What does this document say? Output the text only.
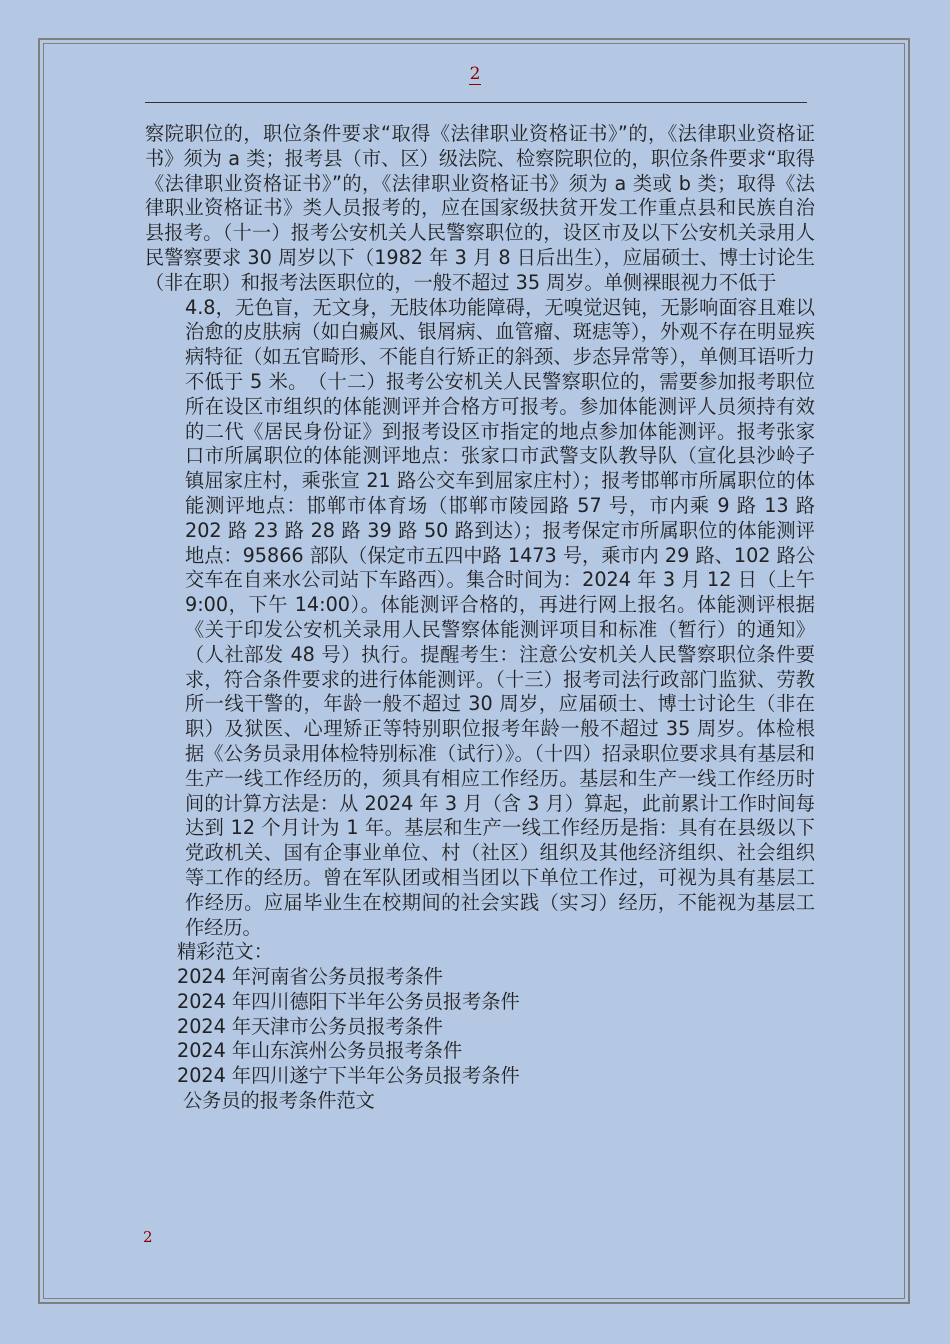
2

察院职位的，职位条件要求“取得《法律职业资格证书》”的，《法律职业资格证书》须为 a 类；报考县（市、区）级法院、检察院职位的，职位条件要求“取得《法律职业资格证书》”的，《法律职业资格证书》须为 a 类或 b 类；取得《法律职业资格证书》类人员报考的，应在国家级扶贫开发工作重点县和民族自治县报考。（十一）报考公安机关人民警察职位的，设区市及以下公安机关录用人民警察要求 30 周岁以下（1982 年 3 月 8 日后出生），应届硕士、博士讨论生（非在职）和报考法医职位的，一般不超过 35 周岁。单侧裸眼视力不低于

4.8，无色盲，无文身，无肢体功能障碍，无嗅觉迟钝，无影响面容且难以治愈的皮肤病（如白癜风、银屑病、血管瘤、斑痣等），外观不存在明显疾病特征（如五官畸形、不能自行矫正的斜颈、步态异常等），单侧耳语听力不低于 5 米。　（十二）报考公安机关人民警察职位的，需要参加报考职位所在设区市组织的体能测评并合格方可报考。参加体能测评人员须持有效的二代《居民身份证》到报考设区市指定的地点参加体能测评。报考张家口市所属职位的体能测评地点：张家口市武警支队教导队（宣化县沙岭子镇屈家庄村，乘张宣 21 路公交车到屈家庄村）；报考邯郸市所属职位的体能测评地点：邯郸市体育场（邯郸市陵园路 57 号，市内乘 9 路 13 路 202 路 23 路 28 路 39 路 50 路到达）；报考保定市所属职位的体能测评地点：95866 部队（保定市五四中路 1473 号，乘市内 29 路、102 路公交车在自来水公司站下车路西）。集合时间为：2024 年 3 月 12 日（上午 9:00，下午 14:00）。体能测评合格的，再进行网上报名。体能测评根据《关于印发公安机关录用人民警察体能测评项目和标准（暂行）的通知》（人社部发 48 号）执行。提醒考生：注意公安机关人民警察职位条件要求，符合条件要求的进行体能测评。（十三）报考司法行政部门监狱、劳教所一线干警的，年龄一般不超过 30 周岁，应届硕士、博士讨论生（非在职）及狱医、心理矫正等特别职位报考年龄一般不超过 35 周岁。体检根据《公务员录用体检特别标准（试行）》。（十四）招录职位要求具有基层和生产一线工作经历的，须具有相应工作经历。基层和生产一线工作经历时间的计算方法是：从 2024 年 3 月（含 3 月）算起，此前累计工作时间每达到 12 个月计为 1 年。基层和生产一线工作经历是指：具有在县级以下党政机关、国有企事业单位、村（社区）组织及其他经济组织、社会组织等工作的经历。曾在军队团或相当团以下单位工作过，可视为具有基层工作经历。应届毕业生在校期间的社会实践（实习）经历，不能视为基层工作经历。

精彩范文：
2024 年河南省公务员报考条件
2024 年四川德阳下半年公务员报考条件
2024 年天津市公务员报考条件
2024 年山东滨州公务员报考条件
2024 年四川遂宁下半年公务员报考条件
公务员的报考条件范文
2
